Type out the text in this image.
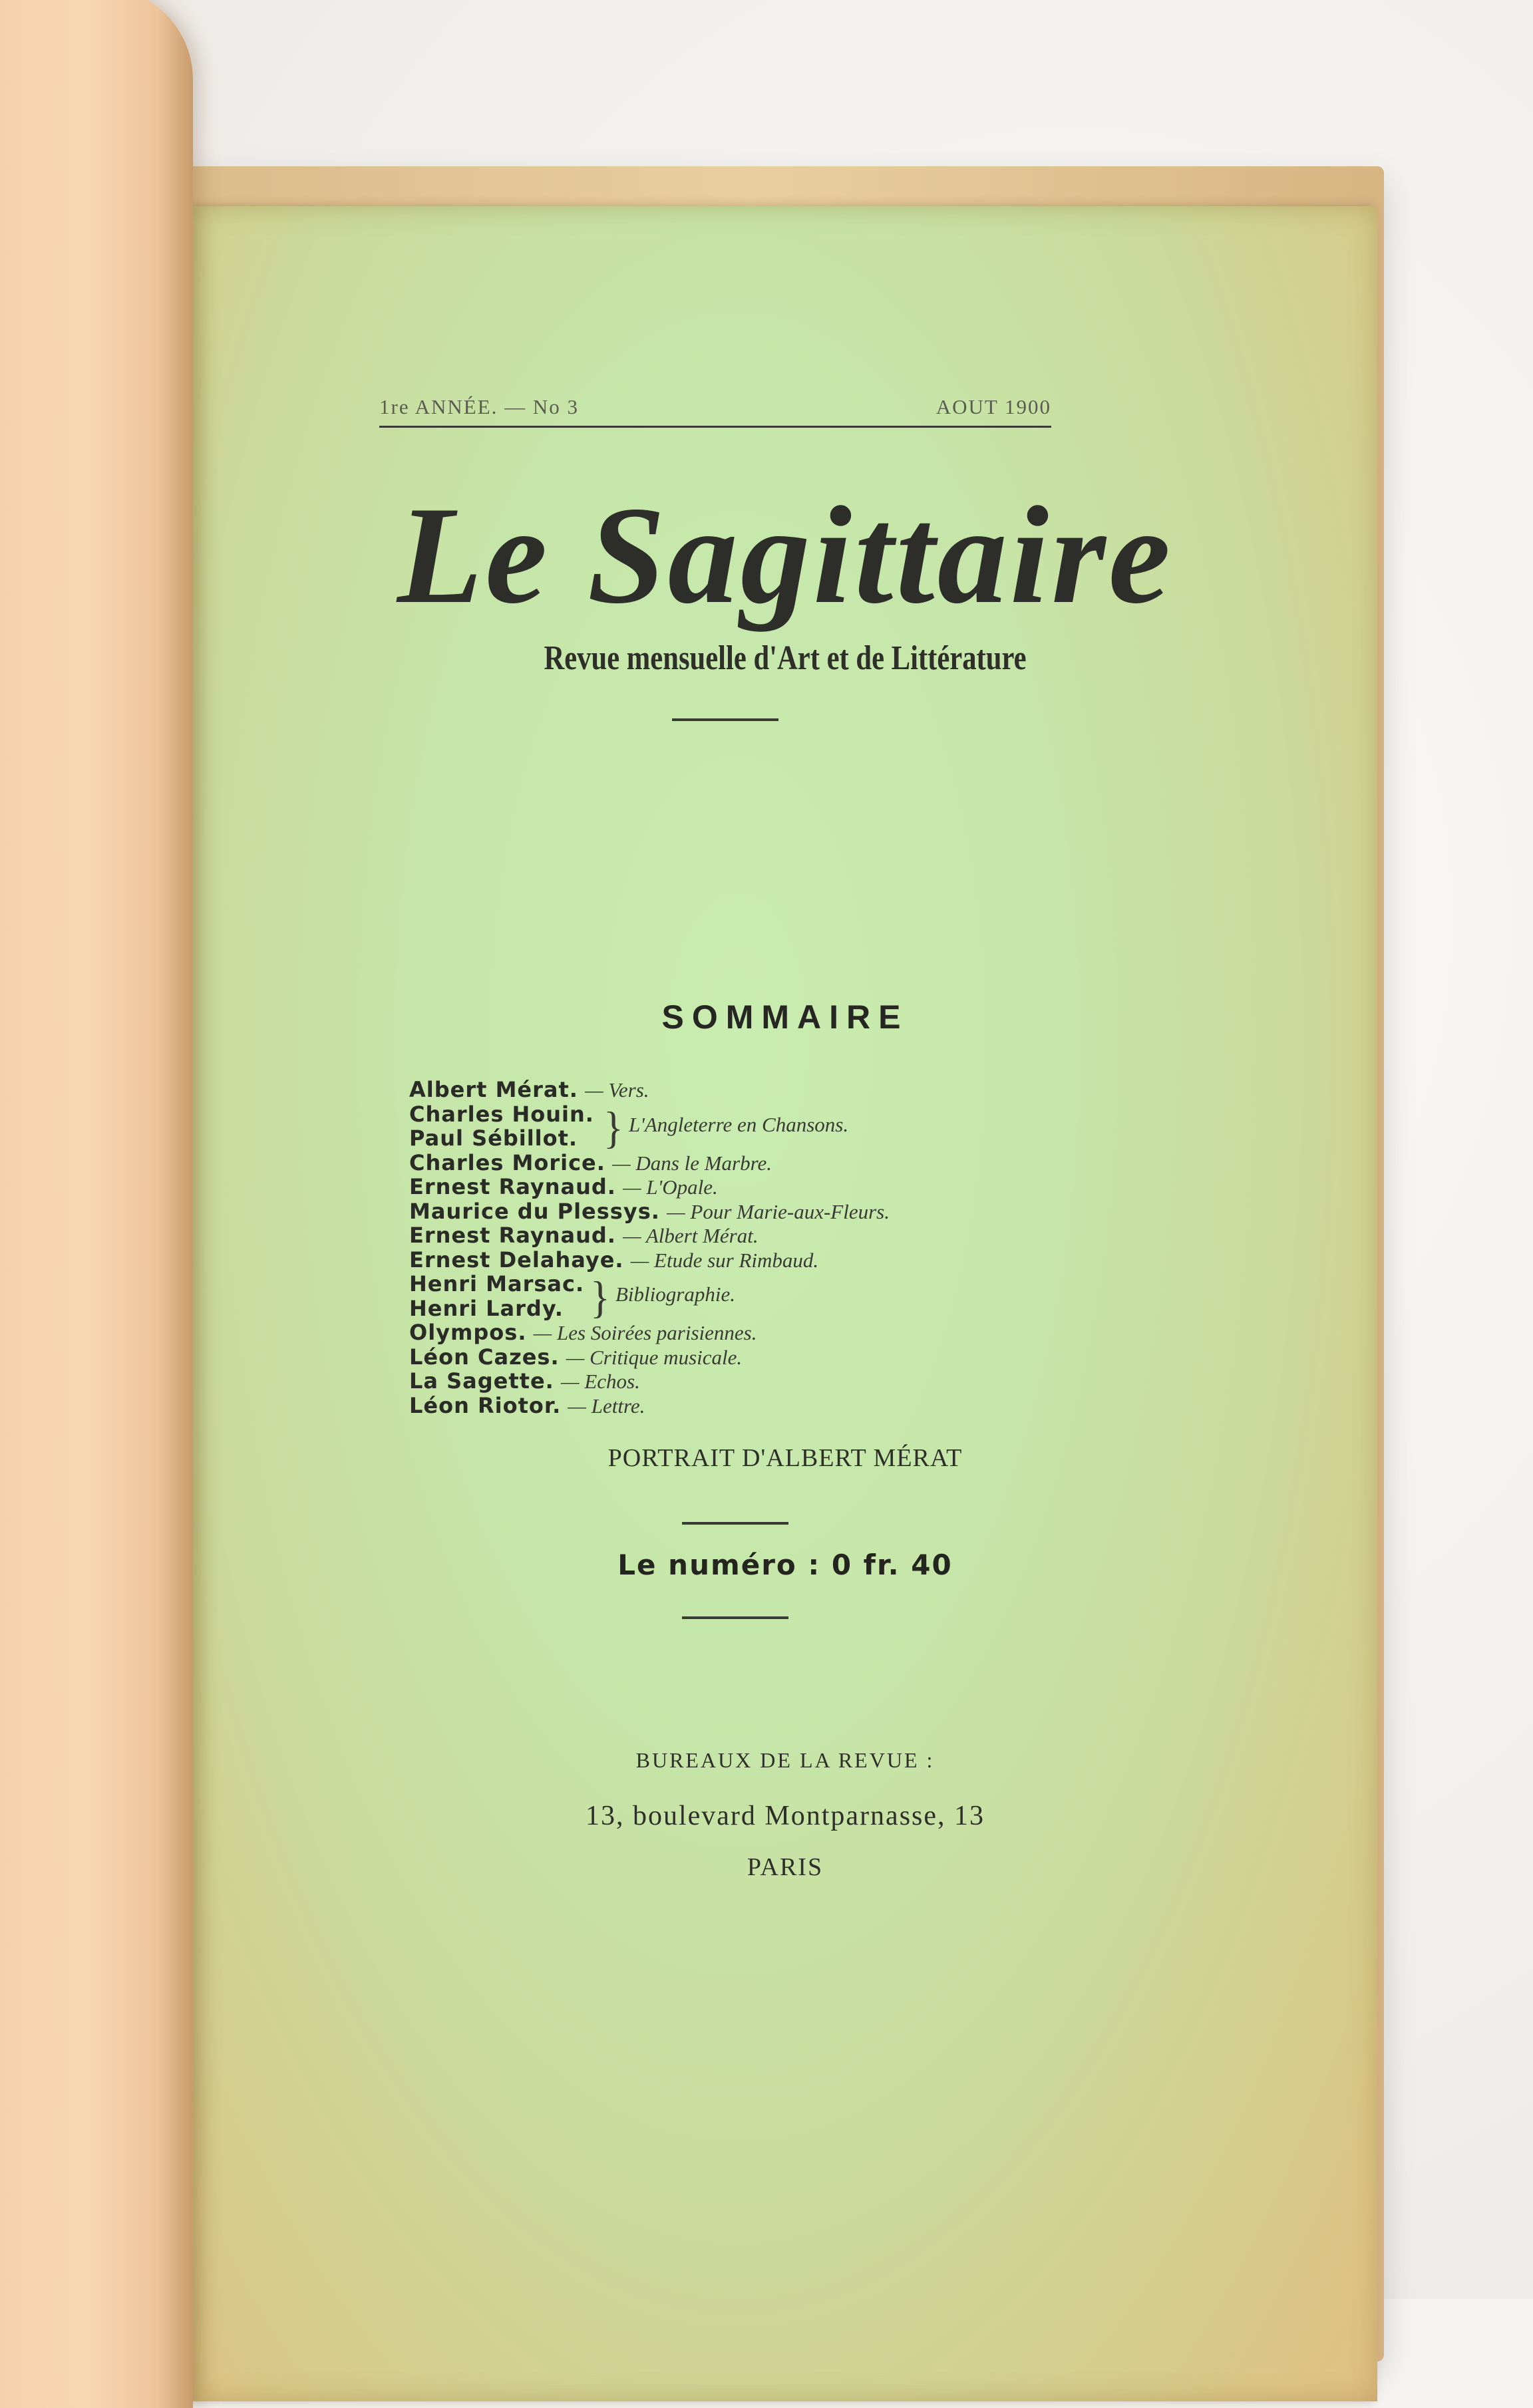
1re ANNÉE. — No 3	AOUT 1900
Le Sagittaire
Revue mensuelle d'Art et de Littérature
SOMMAIRE
Albert Mérat. — Vers.
Charles Houin.
Paul Sébillot. } L'Angleterre en Chansons.
Charles Morice. — Dans le Marbre.
Ernest Raynaud. — L'Opale.
Maurice du Plessys. — Pour Marie-aux-Fleurs.
Ernest Raynaud. — Albert Mérat.
Ernest Delahaye. — Etude sur Rimbaud.
Henri Marsac.
Henri Lardy. } Bibliographie.
Olympos. — Les Soirées parisiennes.
Léon Cazes. — Critique musicale.
La Sagette. — Echos.
Léon Riotor. — Lettre.
PORTRAIT D'ALBERT MÉRAT
Le numéro : 0 fr. 40
BUREAUX DE LA REVUE :
13, boulevard Montparnasse, 13
PARIS
